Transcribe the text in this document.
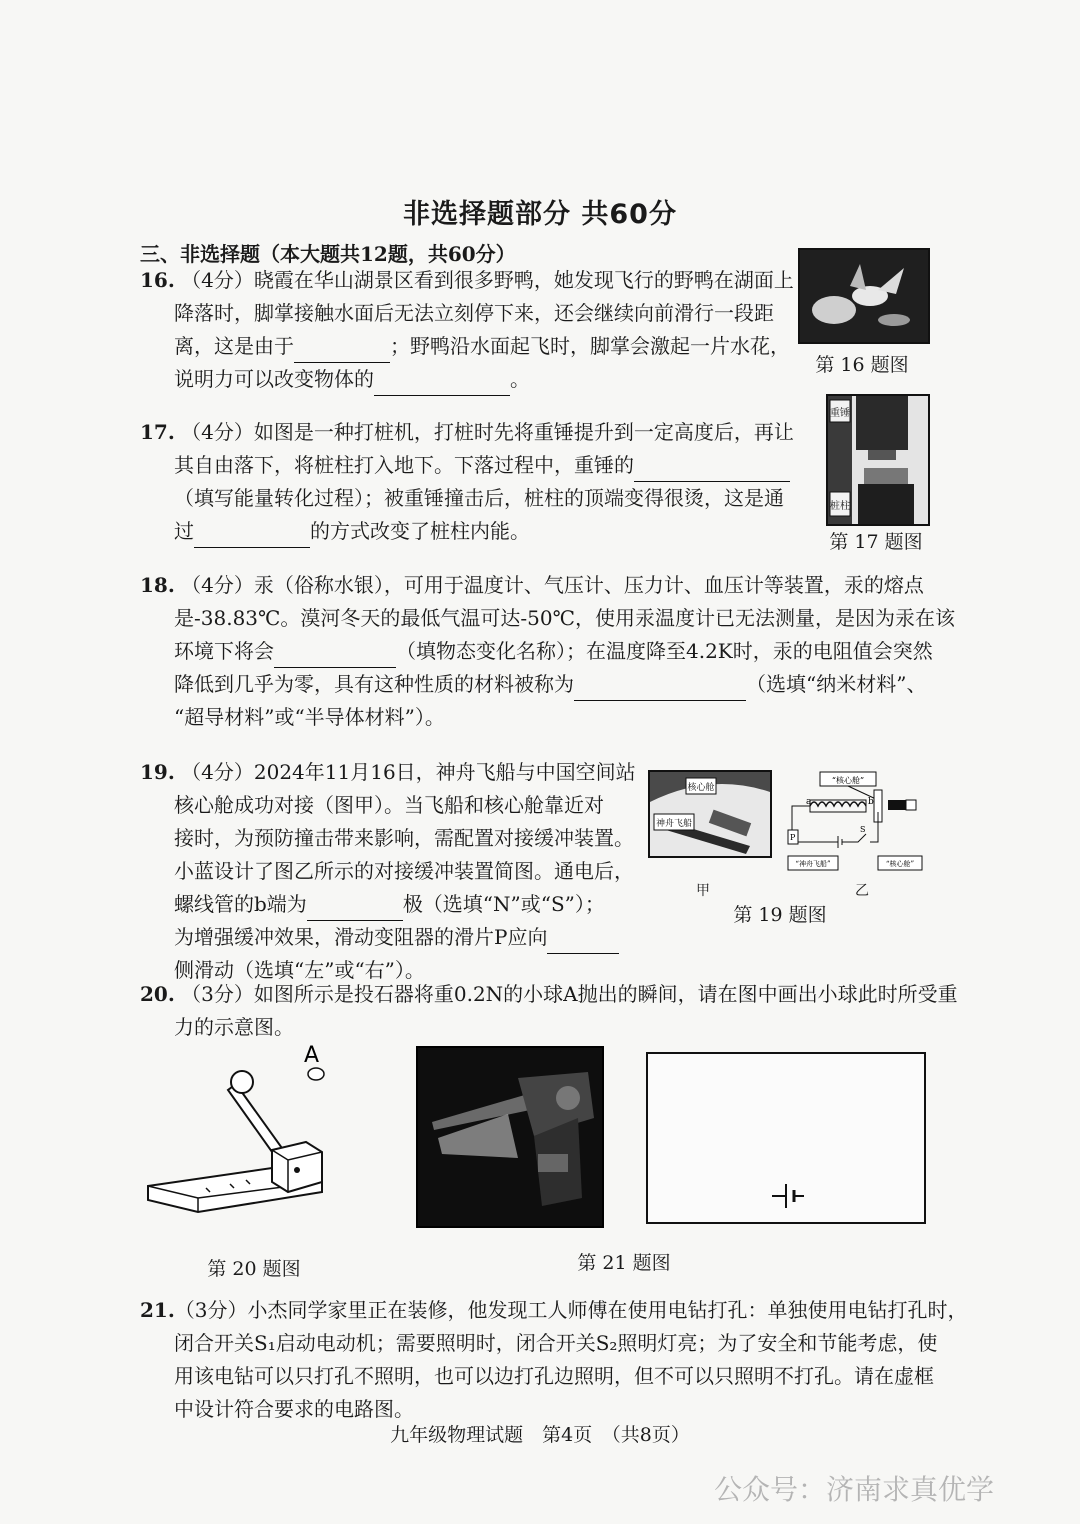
非选择题部分 共60分
三、非选择题（本大题共12题，共60分）
16. （4分）晓霞在华山湖景区看到很多野鸭，她发现飞行的野鸭在湖面上
降落时，脚掌接触水面后无法立刻停下来，还会继续向前滑行一段距
离，这是由于	；野鸭沿水面起飞时，脚掌会激起一片水花，
说明力可以改变物体的	。
第 16 题图
17. （4分）如图是一种打桩机，打桩时先将重锤提升到一定高度后，再让
其自由落下，将桩柱打入地下。下落过程中，重锤的
（填写能量转化过程）；被重锤撞击后，桩柱的顶端变得很烫，这是通
过	的方式改变了桩柱内能。
重锤
桩柱
第 17 题图
18. （4分）汞（俗称水银），可用于温度计、气压计、压力计、血压计等装置，汞的熔点
是-38.83℃。漠河冬天的最低气温可达-50℃，使用汞温度计已无法测量，是因为汞在该
环境下将会	（填物态变化名称）；在温度降至4.2K时，汞的电阻值会突然
降低到几乎为零，具有这种性质的材料被称为	（选填“纳米材料”、
“超导材料”或“半导体材料”）。
19. （4分）2024年11月16日，神舟飞船与中国空间站
核心舱成功对接（图甲）。当飞船和核心舱靠近对
接时，为预防撞击带来影响，需配置对接缓冲装置。
小蓝设计了图乙所示的对接缓冲装置简图。通电后，
螺线管的b端为	极（选填“N”或“S”）；
为增强缓冲效果，滑动变阻器的滑片P应向
侧滑动（选填“左”或“右”）。
核心舱
神舟飞船
“核心舱”
a	b
P
S
“神舟飞船”	“核心舱”
甲	乙
第 19 题图
20. （3分）如图所示是投石器将重0.2N的小球A抛出的瞬间，请在图中画出小球此时所受重
力的示意图。
A
第 20 题图	第 21 题图
21.（3分）小杰同学家里正在装修，他发现工人师傅在使用电钻打孔：单独使用电钻打孔时，
闭合开关S₁启动电动机；需要照明时，闭合开关S₂照明灯亮；为了安全和节能考虑，使
用该电钻可以只打孔不照明，也可以边打孔边照明，但不可以只照明不打孔。请在虚框
中设计符合要求的电路图。
九年级物理试题　第4页　（共8页）
公众号：济南求真优学
